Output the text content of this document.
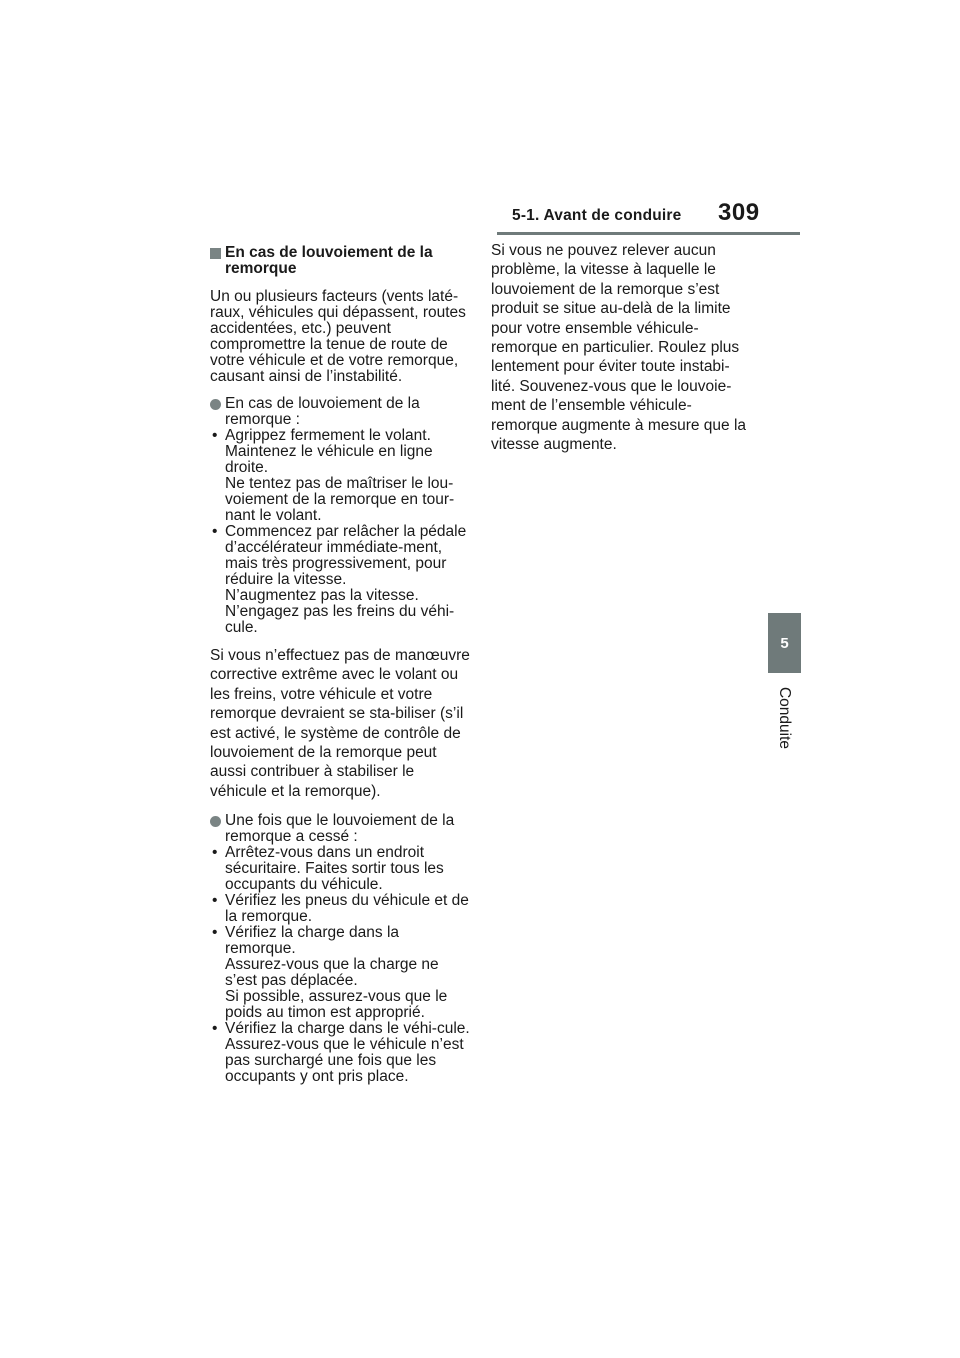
5-1. Avant de conduire 309
5
Conduite
En cas de louvoiement de la remorque

Un ou plusieurs facteurs (vents laté-raux, véhicules qui dépassent, routes accidentées, etc.) peuvent compromettre la tenue de route de votre véhicule et de votre remorque, causant ainsi de l’instabilité.

En cas de louvoiement de la remorque :
• Agrippez fermement le volant.
Maintenez le véhicule en ligne droite.
Ne tentez pas de maîtriser le lou-voiement de la remorque en tour-nant le volant.
• Commencez par relâcher la pédale d’accélérateur immédiate-ment, mais très progressivement, pour réduire la vitesse.
N’augmentez pas la vitesse.
N’engagez pas les freins du véhi-cule.

Si vous n’effectuez pas de manœuvre corrective extrême avec le volant ou les freins, votre véhicule et votre remorque devraient se sta-biliser (s’il est activé, le système de contrôle de louvoiement de la remorque peut aussi contribuer à stabiliser le véhicule et la remorque).

Une fois que le louvoiement de la remorque a cessé :
• Arrêtez-vous dans un endroit sécuritaire. Faites sortir tous les occupants du véhicule.
• Vérifiez les pneus du véhicule et de la remorque.
• Vérifiez la charge dans la remorque.
Assurez-vous que la charge ne s’est pas déplacée.
Si possible, assurez-vous que le poids au timon est approprié.
• Vérifiez la charge dans le véhi-cule.
Assurez-vous que le véhicule n’est pas surchargé une fois que les occupants y ont pris place.

Si vous ne pouvez relever aucun problème, la vitesse à laquelle le louvoiement de la remorque s’est produit se situe au-delà de la limite pour votre ensemble véhicule-remorque en particulier. Roulez plus lentement pour éviter toute instabi-lité. Souvenez-vous que le louvoie-ment de l’ensemble véhicule-remorque augmente à mesure que la vitesse augmente.
